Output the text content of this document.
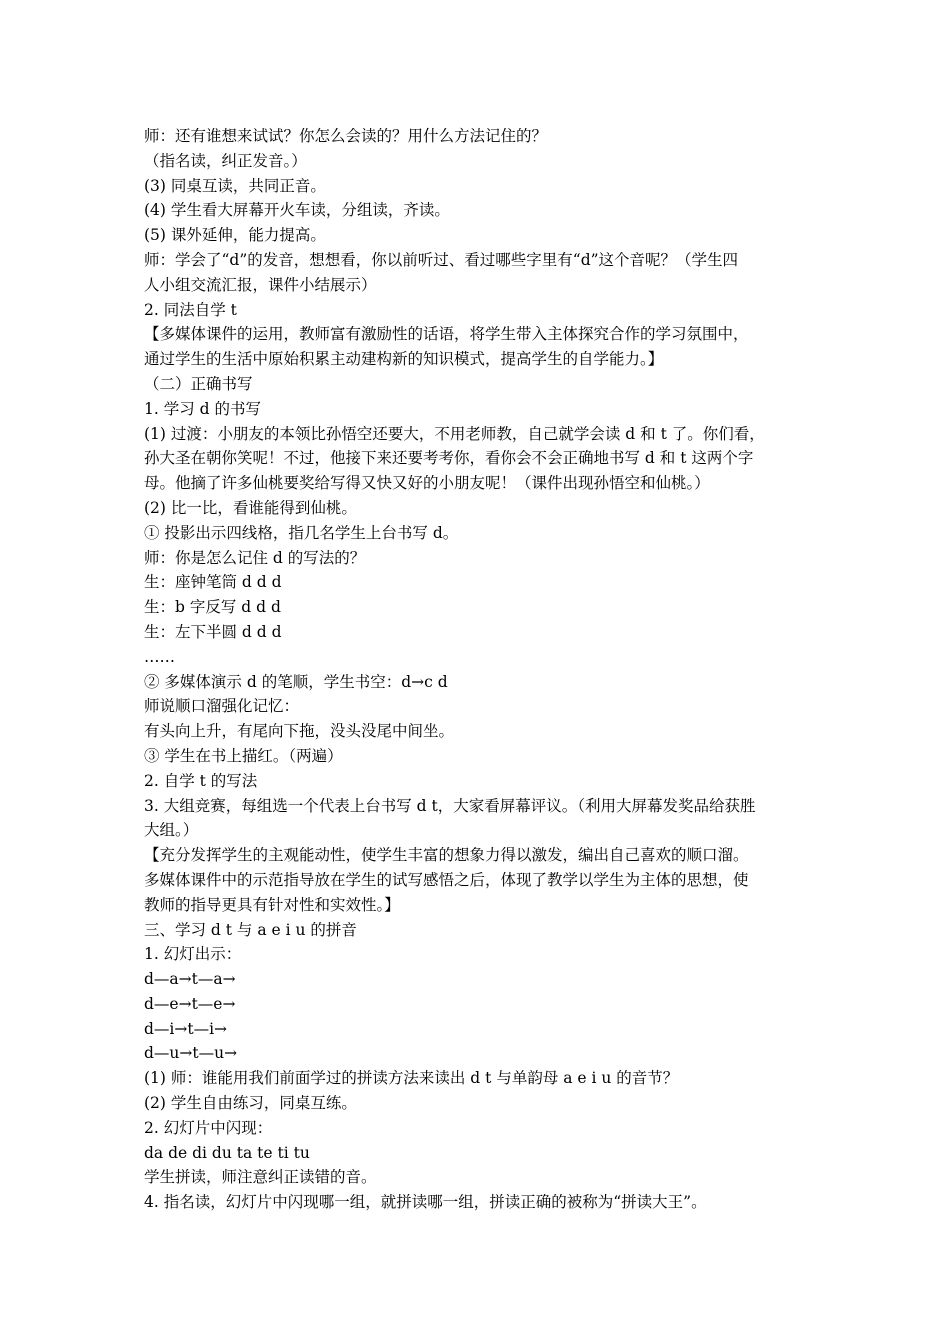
师：还有谁想来试试？你怎么会读的？用什么方法记住的？
（指名读，纠正发音。）
(3) 同桌互读，共同正音。
(4) 学生看大屏幕开火车读，分组读，齐读。
(5) 课外延伸，能力提高。
师：学会了“d”的发音，想想看，你以前听过、看过哪些字里有“d”这个音呢？（学生四
人小组交流汇报，课件小结展示）
2. 同法自学 t
【多媒体课件的运用，教师富有激励性的话语，将学生带入主体探究合作的学习氛围中，
通过学生的生活中原始积累主动建构新的知识模式，提高学生的自学能力。】
（二）正确书写
1. 学习 d 的书写
(1) 过渡：小朋友的本领比孙悟空还要大，不用老师教，自己就学会读 d 和 t 了。你们看，
孙大圣在朝你笑呢！不过，他接下来还要考考你，看你会不会正确地书写 d 和 t 这两个字
母。他摘了许多仙桃要奖给写得又快又好的小朋友呢！（课件出现孙悟空和仙桃。）
(2) 比一比，看谁能得到仙桃。
① 投影出示四线格，指几名学生上台书写 d。
师：你是怎么记住 d 的写法的？
生：座钟笔筒 d d d
生：b 字反写 d d d
生：左下半圆 d d d
……
② 多媒体演示 d 的笔顺，学生书空：d→c d
师说顺口溜强化记忆：
有头向上升，有尾向下拖，没头没尾中间坐。
③ 学生在书上描红。（两遍）
2. 自学 t 的写法
3. 大组竞赛，每组选一个代表上台书写 d t，大家看屏幕评议。（利用大屏幕发奖品给获胜
大组。）
【充分发挥学生的主观能动性，使学生丰富的想象力得以激发，编出自己喜欢的顺口溜。
多媒体课件中的示范指导放在学生的试写感悟之后，体现了教学以学生为主体的思想，使
教师的指导更具有针对性和实效性。】
三、学习 d t 与 a e i u 的拼音
1. 幻灯出示：
d—a→t—a→
d—e→t—e→
d—i→t—i→
d—u→t—u→
(1) 师：谁能用我们前面学过的拼读方法来读出 d t 与单韵母 a e i u 的音节？
(2) 学生自由练习，同桌互练。
2. 幻灯片中闪现：
da de di du ta te ti tu
学生拼读，师注意纠正读错的音。
4. 指名读，幻灯片中闪现哪一组，就拼读哪一组，拼读正确的被称为“拼读大王”。
